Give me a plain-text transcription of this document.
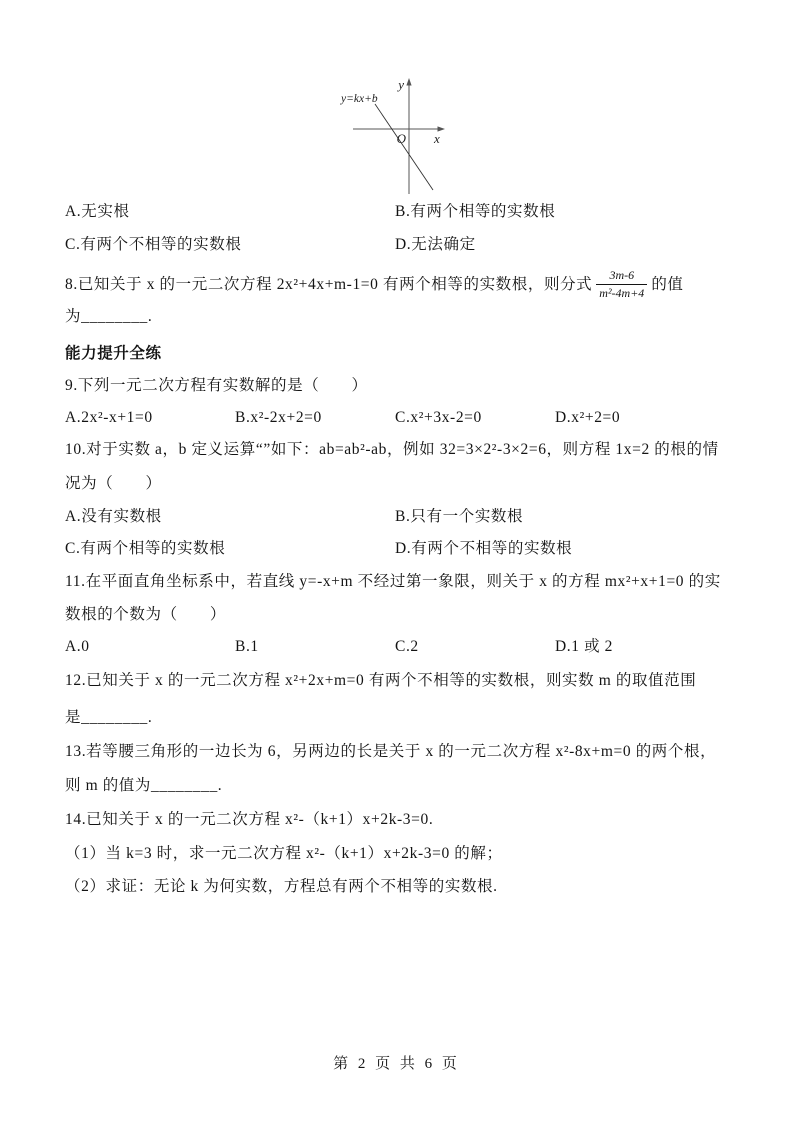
y=kx+b
y
O x
A.无实根	B.有两个相等的实数根
C.有两个不相等的实数根	D.无法确定
8.已知关于 x 的一元二次方程 2x²+4x+m-1=0 有两个相等的实数根，则分式 $\frac{3m-6}{\text{m²-4m+4}}$ 的值
为________.
能力提升全练
9.下列一元二次方程有实数解的是（　　）
A.2x²-x+1=0	B.x²-2x+2=0	C.x²+3x-2=0	D.x²+2=0
10.对于实数 a，b 定义运算“”如下：ab=ab²-ab，例如 32=3×2²-3×2=6，则方程 1x=2 的根的情
况为（　　）
A.没有实数根	B.只有一个实数根
C.有两个相等的实数根	D.有两个不相等的实数根
11.在平面直角坐标系中，若直线 y=-x+m 不经过第一象限，则关于 x 的方程 mx²+x+1=0 的实
数根的个数为（　　）
A.0	B.1	C.2	D.1 或 2
12.已知关于 x 的一元二次方程 x²+2x+m=0 有两个不相等的实数根，则实数 m 的取值范围
是________.
13.若等腰三角形的一边长为 6，另两边的长是关于 x 的一元二次方程 x²-8x+m=0 的两个根，
则 m 的值为________.
14.已知关于 x 的一元二次方程 x²-（k+1）x+2k-3=0.
（1）当 k=3 时，求一元二次方程 x²-（k+1）x+2k-3=0 的解；
（2）求证：无论 k 为何实数，方程总有两个不相等的实数根.
第 2 页 共 6 页
